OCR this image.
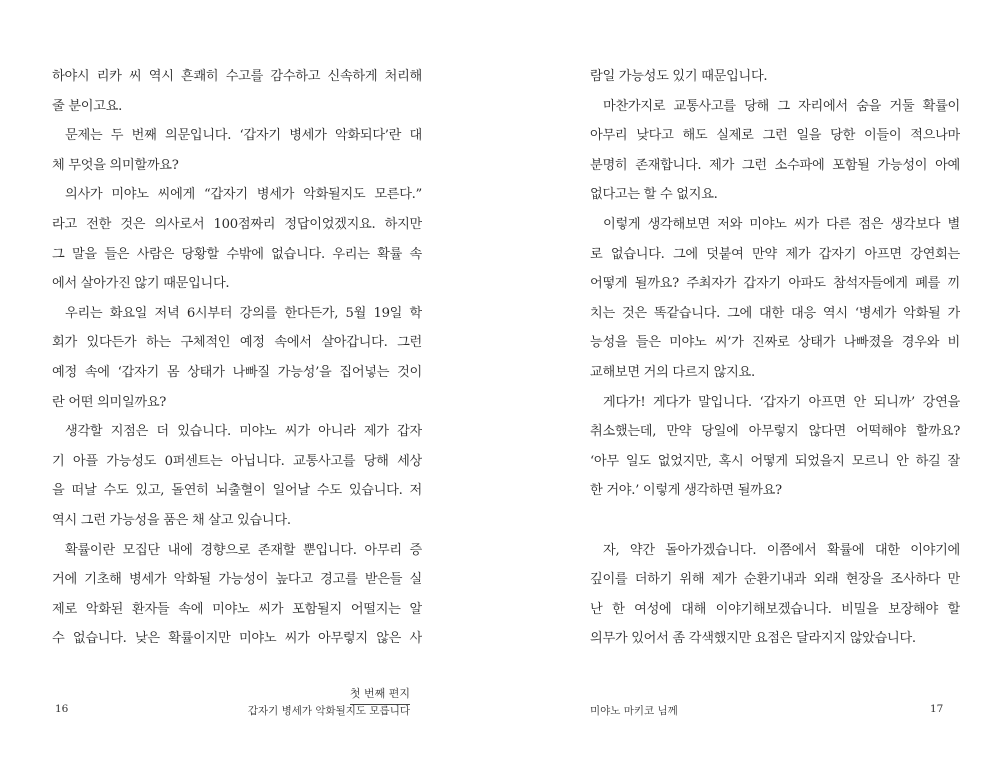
하야시 리카 씨 역시 흔쾌히 수고를 감수하고 신속하게 처리해
줄 분이고요.
문제는 두 번째 의문입니다. ‘갑자기 병세가 악화되다’란 대
체 무엇을 의미할까요?
의사가 미야노 씨에게 “갑자기 병세가 악화될지도 모른다.”
라고 전한 것은 의사로서 100점짜리 정답이었겠지요. 하지만
그 말을 들은 사람은 당황할 수밖에 없습니다. 우리는 확률 속
에서 살아가진 않기 때문입니다.
우리는 화요일 저녁 6시부터 강의를 한다든가, 5월 19일 학
회가 있다든가 하는 구체적인 예정 속에서 살아갑니다. 그런
예정 속에 ‘갑자기 몸 상태가 나빠질 가능성’을 집어넣는 것이
란 어떤 의미일까요?
생각할 지점은 더 있습니다. 미야노 씨가 아니라 제가 갑자
기 아플 가능성도 0퍼센트는 아닙니다. 교통사고를 당해 세상
을 떠날 수도 있고, 돌연히 뇌출혈이 일어날 수도 있습니다. 저
역시 그런 가능성을 품은 채 살고 있습니다.
확률이란 모집단 내에 경향으로 존재할 뿐입니다. 아무리 증
거에 기초해 병세가 악화될 가능성이 높다고 경고를 받은들 실
제로 악화된 환자들 속에 미야노 씨가 포함될지 어떨지는 알
수 없습니다. 낮은 확률이지만 미야노 씨가 아무렇지 않은 사
람일 가능성도 있기 때문입니다.
마찬가지로 교통사고를 당해 그 자리에서 숨을 거둘 확률이
아무리 낮다고 해도 실제로 그런 일을 당한 이들이 적으나마
분명히 존재합니다. 제가 그런 소수파에 포함될 가능성이 아예
없다고는 할 수 없지요.
이렇게 생각해보면 저와 미야노 씨가 다른 점은 생각보다 별
로 없습니다. 그에 덧붙여 만약 제가 갑자기 아프면 강연회는
어떻게 될까요? 주최자가 갑자기 아파도 참석자들에게 폐를 끼
치는 것은 똑같습니다. 그에 대한 대응 역시 ‘병세가 악화될 가
능성을 들은 미야노 씨’가 진짜로 상태가 나빠졌을 경우와 비
교해보면 거의 다르지 않지요.
게다가! 게다가 말입니다. ‘갑자기 아프면 안 되니까’ 강연을
취소했는데, 만약 당일에 아무렇지 않다면 어떡해야 할까요?
‘아무 일도 없었지만, 혹시 어떻게 되었을지 모르니 안 하길 잘
한 거야.’ 이렇게 생각하면 될까요?
자, 약간 돌아가겠습니다. 이쯤에서 확률에 대한 이야기에
깊이를 더하기 위해 제가 순환기내과 외래 현장을 조사하다 만
난 한 여성에 대해 이야기해보겠습니다. 비밀을 보장해야 할
의무가 있어서 좀 각색했지만 요점은 달라지지 않았습니다.
첫 번째 편지
16	갑자기 병세가 악화될지도 모릅니다	미야노 마키코 님께	17
